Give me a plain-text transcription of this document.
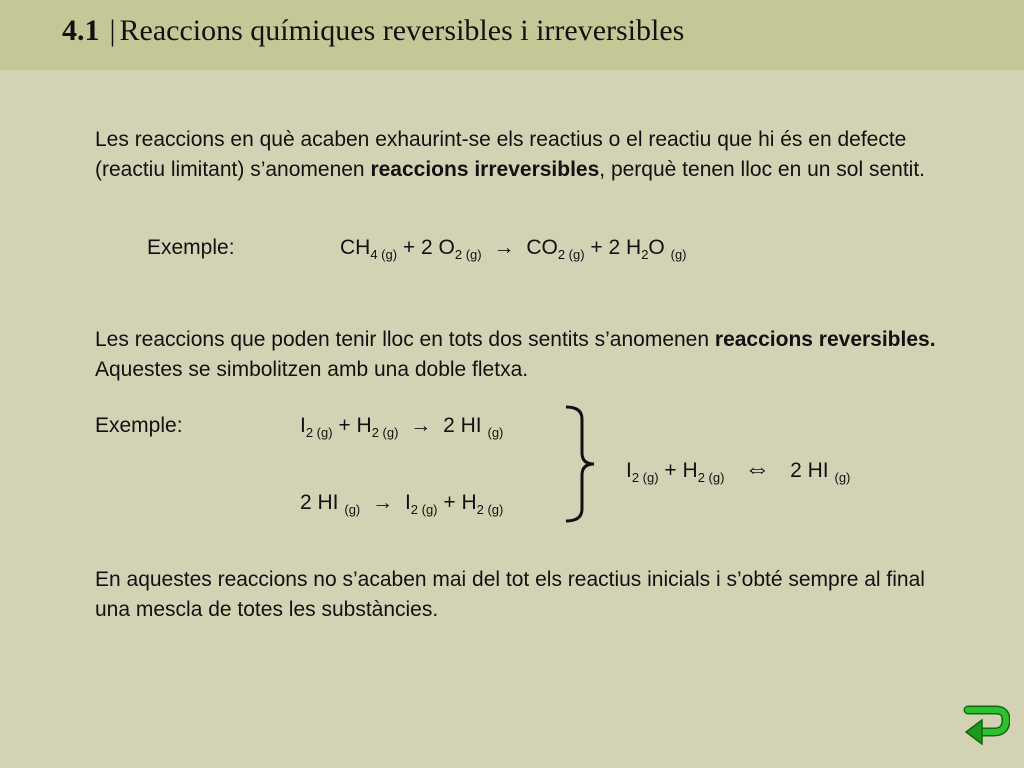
4.1 | Reaccions químiques reversibles i irreversibles

Les reaccions en què acaben exhaurint-se els reactius o el reactiu que hi és en defecte (reactiu limitant) s’anomenen reaccions irreversibles, perquè tenen lloc en un sol sentit.

Exemple:	$CH_{4 (g)} + 2$ $O_{2 (g)} \to CO_{2 (g)} + 2$ $H_2O$ $_{(g)}$

Les reaccions que poden tenir lloc en tots dos sentits s’anomenen reaccions reversibles. Aquestes se simbolitzen amb una doble fletxa.

Exemple:	$I_{2 (g)} + H_{2 (g)} \to 2$ HI $_{(g)}$
2 HI $_{(g)} \to I_{2 (g)} + H_{2 (g)}$
$I_{2 (g)} + H_{2 (g)}$ ⇔ 2 HI $_{(g)}$

En aquestes reaccions no s’acaben mai del tot els reactius inicials i s’obté sempre al final una mescla de totes les substàncies.
